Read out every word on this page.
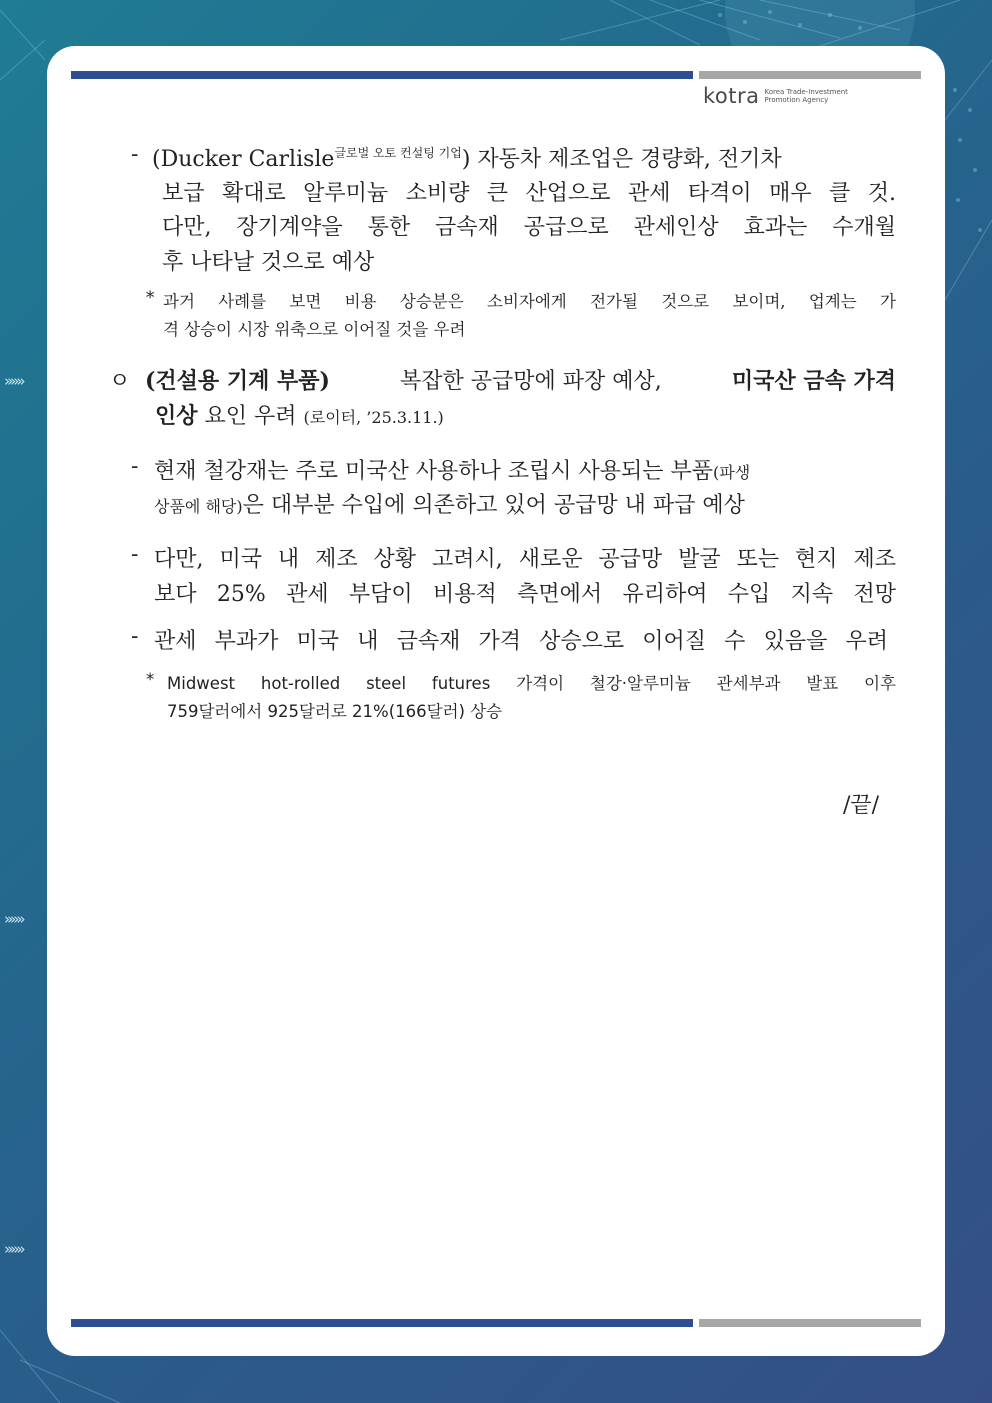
»»»
»»»
»»»
kotra Korea Trade-Investment
Promotion Agency
- (Ducker Carlisle$^{글로벌 오토 컨설팅 기업}$) 자동차 제조업은 경량화, 전기차
보급 확대로 알루미늄 소비량 큰 산업으로 관세 타격이 매우 클 것.
다만, 장기계약을 통한 금속재 공급으로 관세인상 효과는 수개월
후 나타날 것으로 예상
* 과거 사례를 보면 비용 상승분은 소비자에게 전가될 것으로 보이며, 업계는 가
격 상승이 시장 위축으로 이어질 것을 우려
ㅇ (건설용 기계 부품)	복잡한 공급망에 파장 예상,	미국산 금속 가격
인상 요인 우려 (로이터, ’25.3.11.)
- 현재 철강재는 주로 미국산 사용하나 조립시 사용되는 부품(파생
상품에 해당)은 대부분 수입에 의존하고 있어 공급망 내 파급 예상
- 다만, 미국 내 제조 상황 고려시, 새로운 공급망 발굴 또는 현지 제조
보다 25% 관세 부담이 비용적 측면에서 유리하여 수입 지속 전망
- 관세 부과가 미국 내 금속재 가격 상승으로 이어질 수 있음을 우려
* Midwest hot-rolled steel futures 가격이 철강·알루미늄 관세부과 발표 이후
759달러에서 925달러로 21%(166달러) 상승
/끝/
